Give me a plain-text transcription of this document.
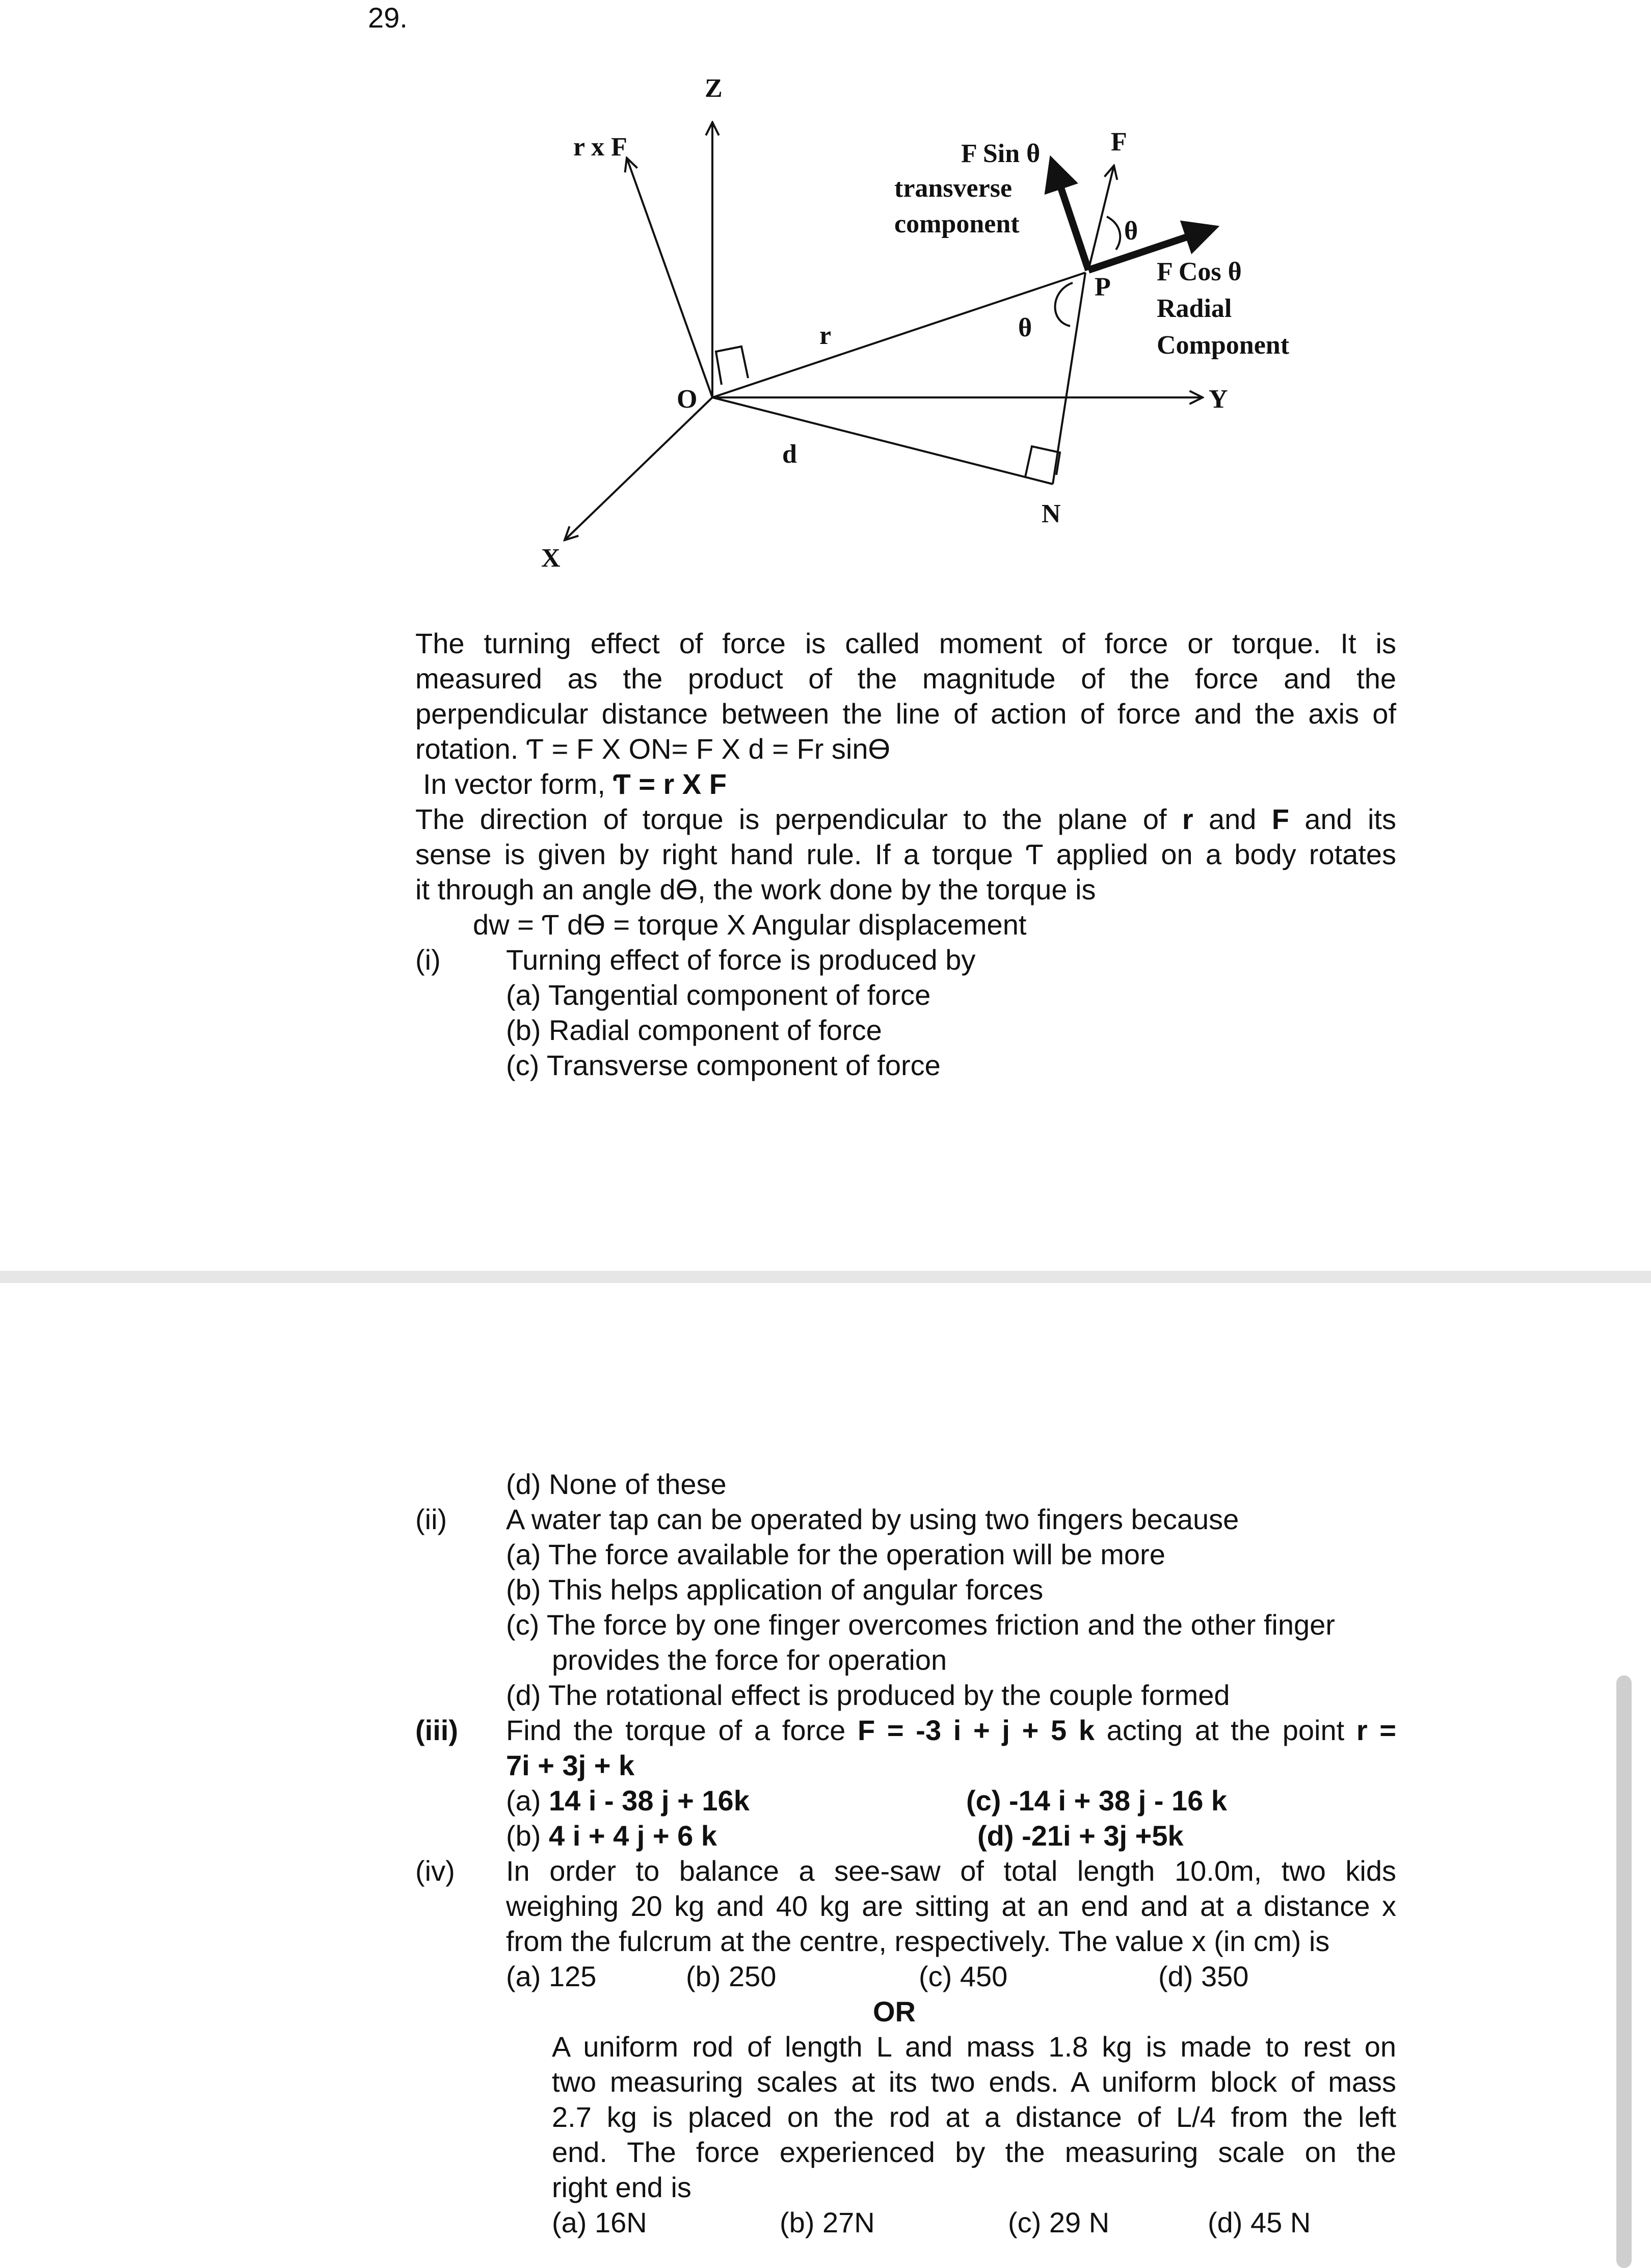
29.
Z
Y
X
O
P
N
r
d
θ
θ
r x F	F
F Sin θ
transverse
component
F Cos θ
Radial
Component
The turning effect of force is called moment of force or torque. It is
measured as the product of the magnitude of the force and the
perpendicular distance between the line of action of force and the axis of
rotation. Ƭ = F X ON= F X d = Fr sinϴ
In vector form, Ƭ = r X F
The direction of torque is perpendicular to the plane of r and F and its
sense is given by right hand rule. If a torque Ƭ applied on a body rotates
it through an angle dϴ, the work done by the torque is
dw = Ƭ dϴ = torque X Angular displacement
(i) Turning effect of force is produced by
(a) Tangential component of force
(b) Radial component of force
(c) Transverse component of force
(d) None of these
(ii) A water tap can be operated by using two fingers because
(a) The force available for the operation will be more
(b) This helps application of angular forces
(c) The force by one finger overcomes friction and the other finger
provides the force for operation
(d) The rotational effect is produced by the couple formed
(iii) Find the torque of a force F = -3 i + j + 5 k acting at the point r =
7i + 3j + k
(a) 14 i - 38 j + 16k	(c) -14 i + 38 j - 16 k
(b) 4 i + 4 j + 6 k	(d) -21i + 3j +5k
(iv) In order to balance a see-saw of total length 10.0m, two kids
weighing 20 kg and 40 kg are sitting at an end and at a distance x
from the fulcrum at the centre, respectively. The value x (in cm) is
(a) 125	(b) 250	(c) 450	(d) 350
OR
A uniform rod of length L and mass 1.8 kg is made to rest on
two measuring scales at its two ends. A uniform block of mass
2.7 kg is placed on the rod at a distance of L/4 from the left
end. The force experienced by the measuring scale on the
right end is
(a) 16N	(b) 27N	(c) 29 N	(d) 45 N
